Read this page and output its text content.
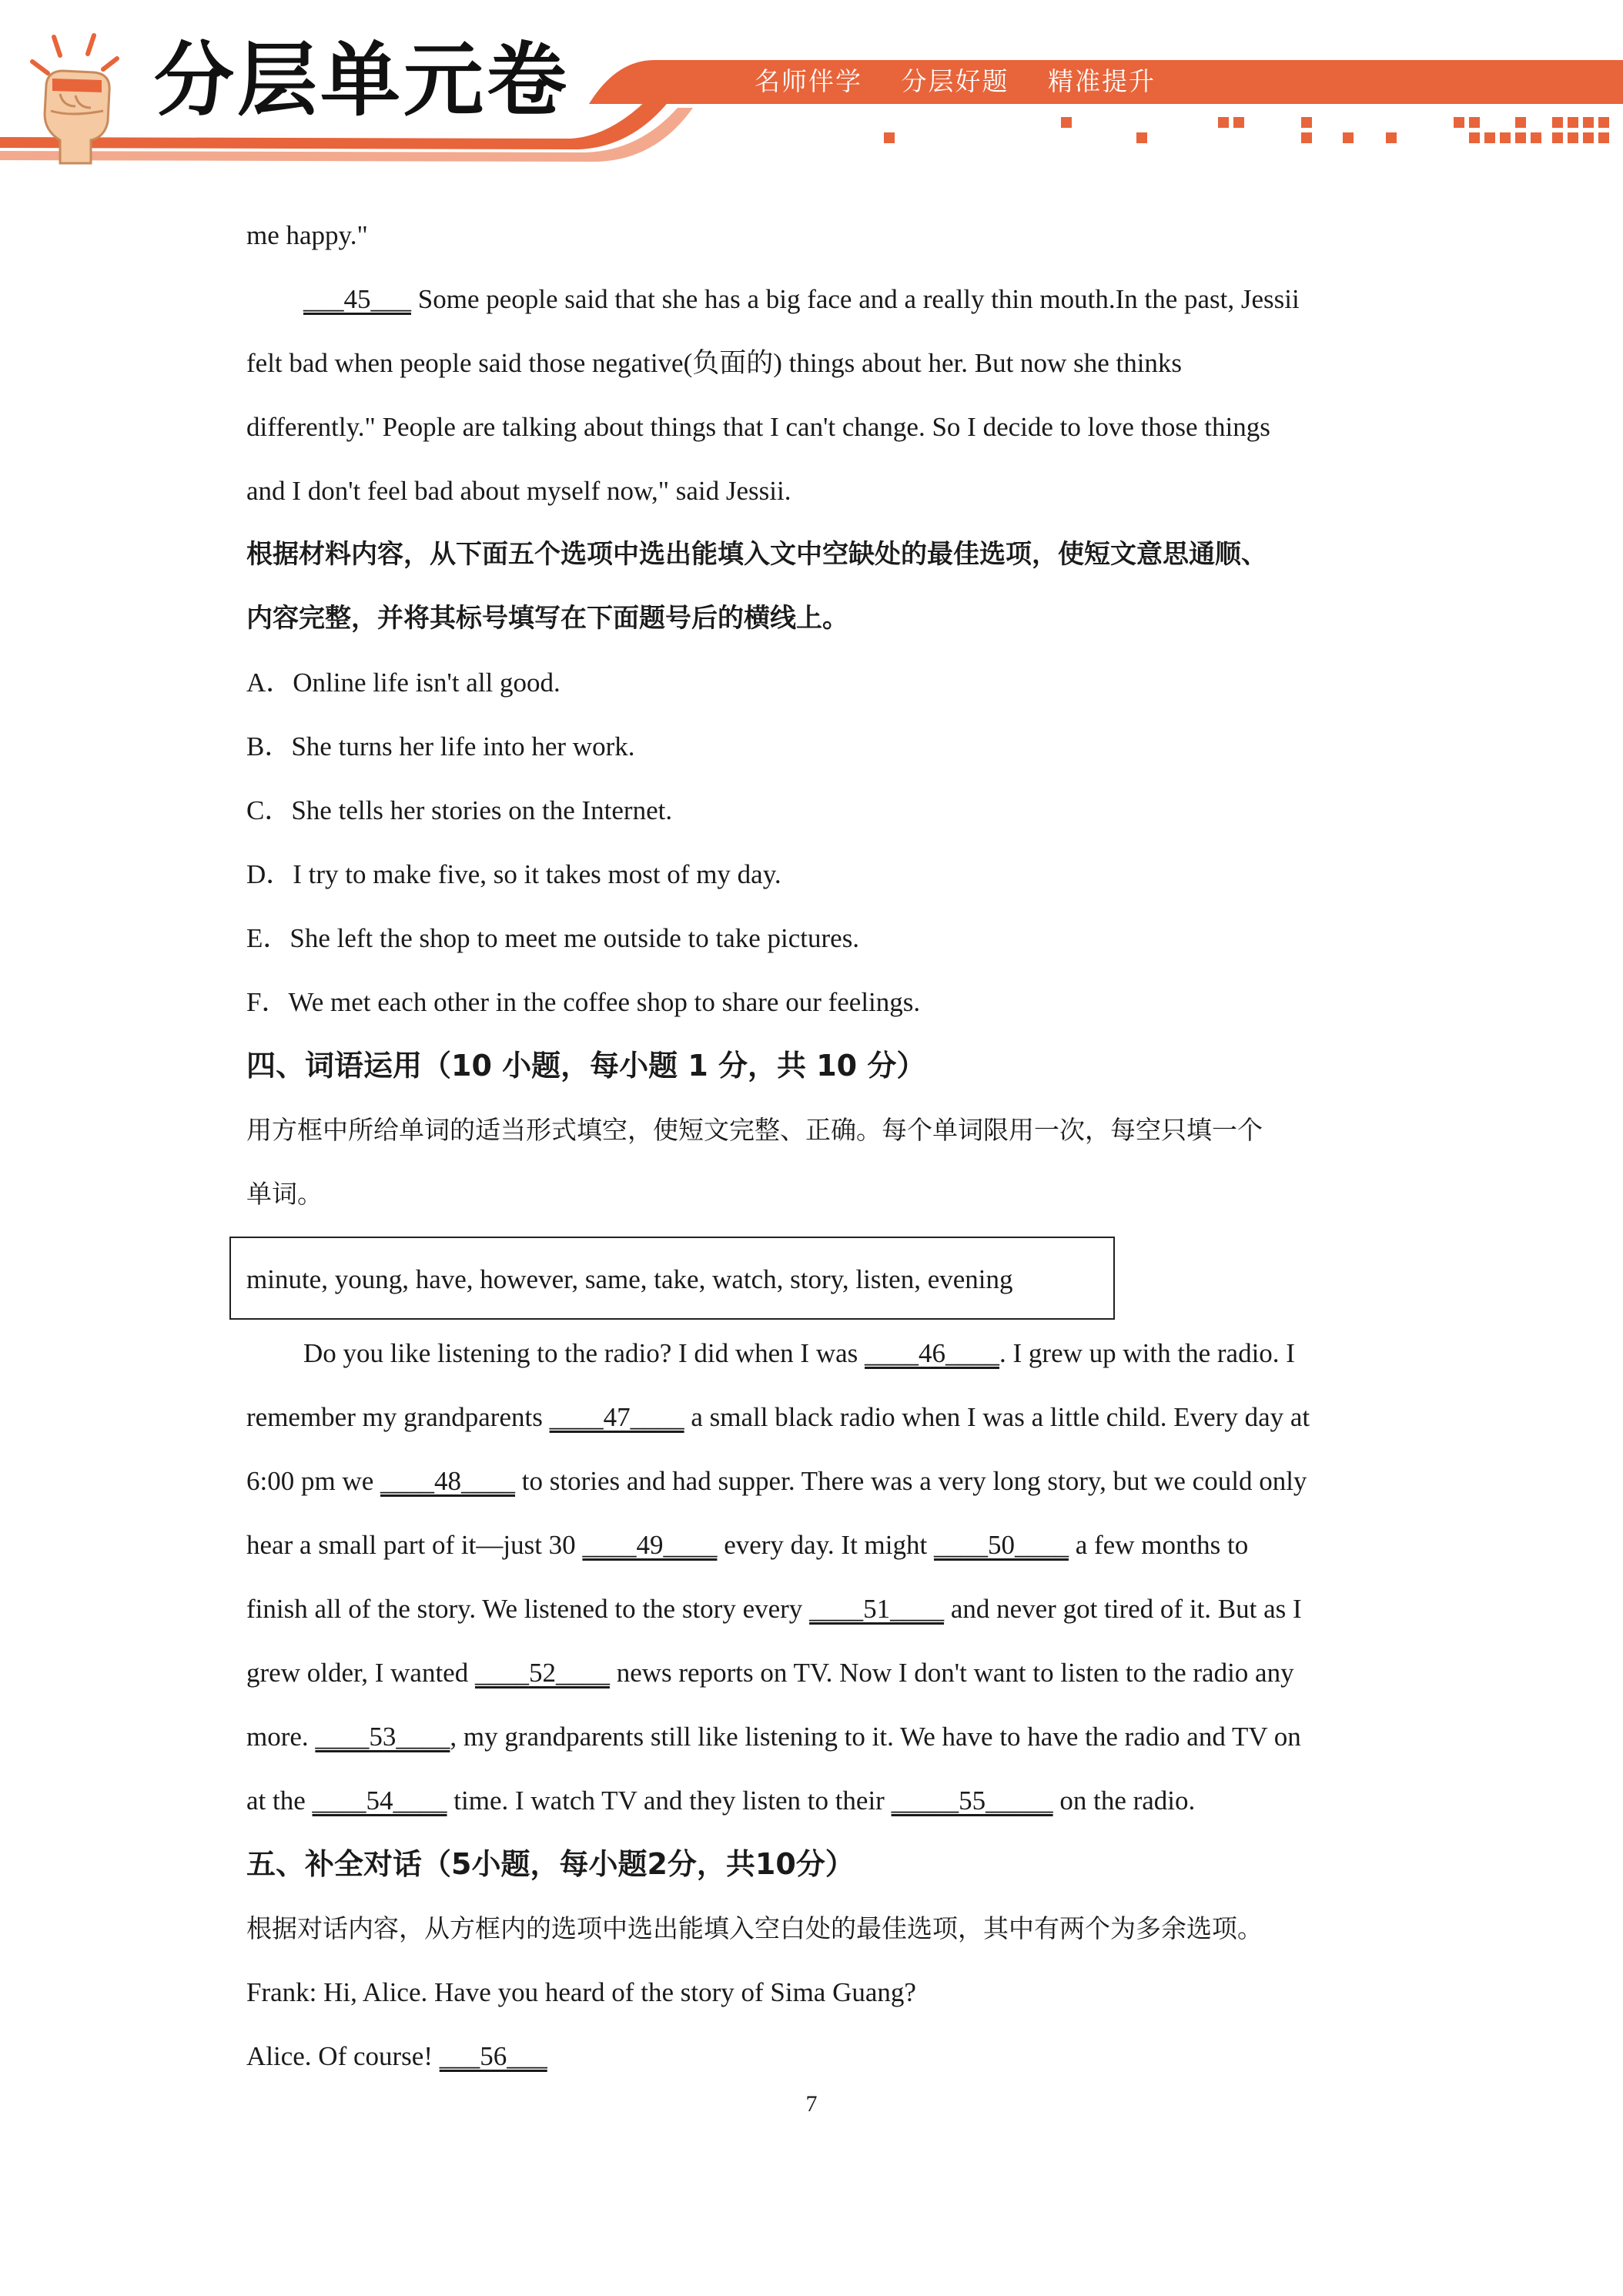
分层单元卷	名师伴学 分层好题 精准提升
me happy."
___45___ Some people said that she has a big face and a really thin mouth.In the past, Jessii
felt bad when people said those negative(负面的) things about her. But now she thinks
differently." People are talking about things that I can't change. So I decide to love those things
and I don't feel bad about myself now," said Jessii.
根据材料内容，从下面五个选项中选出能填入文中空缺处的最佳选项，使短文意思通顺、
内容完整，并将其标号填写在下面题号后的横线上。
A．Online life isn't all good.
B．She turns her life into her work.
C．She tells her stories on the Internet.
D．I try to make five, so it takes most of my day.
E．She left the shop to meet me outside to take pictures.
F．We met each other in the coffee shop to share our feelings.
四、词语运用（10 小题，每小题 1 分，共 10 分）
用方框中所给单词的适当形式填空，使短文完整、正确。每个单词限用一次，每空只填一个
单词。
minute, young, have, however, same, take, watch, story, listen, evening
Do you like listening to the radio? I did when I was ____46____. I grew up with the radio. I
remember my grandparents ____47____ a small black radio when I was a little child. Every day at
6:00 pm we ____48____ to stories and had supper. There was a very long story, but we could only
hear a small part of it—just 30 ____49____ every day. It might ____50____ a few months to
finish all of the story. We listened to the story every ____51____ and never got tired of it. But as I
grew older, I wanted ____52____ news reports on TV. Now I don't want to listen to the radio any
more. ____53____, my grandparents still like listening to it. We have to have the radio and TV on
at the ____54____ time. I watch TV and they listen to their _____55_____ on the radio.
五、补全对话（5小题，每小题2分，共10分）
根据对话内容，从方框内的选项中选出能填入空白处的最佳选项，其中有两个为多余选项。
Frank: Hi, Alice. Have you heard of the story of Sima Guang?
Alice. Of course! ___56___
7
